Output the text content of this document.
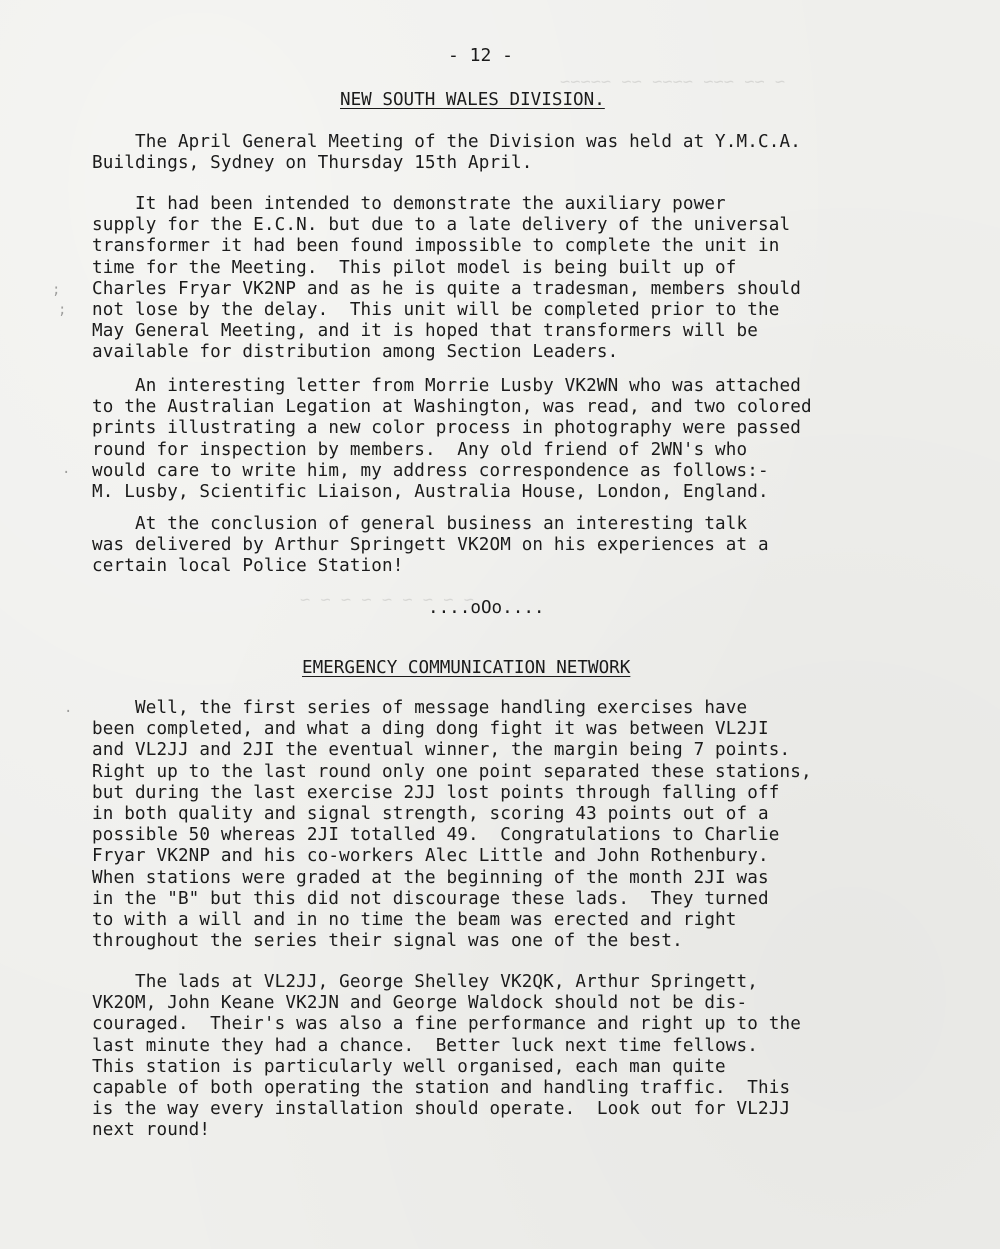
~ ~~ ~~~ ~~~~ ~~ ~~~~~
~ ~ ~ ~ ~ ~ ~ ~ ~
- 12 -
NEW SOUTH WALES DIVISION.
The April General Meeting of the Division was held at Y.M.C.A.
Buildings, Sydney on Thursday 15th April.
It had been intended to demonstrate the auxiliary power
supply for the E.C.N. but due to a late delivery of the universal
transformer it had been found impossible to complete the unit in
time for the Meeting.  This pilot model is being built up of
Charles Fryar VK2NP and as he is quite a tradesman, members should
not lose by the delay.  This unit will be completed prior to the
May General Meeting, and it is hoped that transformers will be
available for distribution among Section Leaders.
An interesting letter from Morrie Lusby VK2WN who was attached
to the Australian Legation at Washington, was read, and two colored
prints illustrating a new color process in photography were passed
round for inspection by members.  Any old friend of 2WN's who
would care to write him, my address correspondence as follows:-
M. Lusby, Scientific Liaison, Australia House, London, England.
At the conclusion of general business an interesting talk
was delivered by Arthur Springett VK2OM on his experiences at a
certain local Police Station!
....oOo....
EMERGENCY COMMUNICATION NETWORK
Well, the first series of message handling exercises have
been completed, and what a ding dong fight it was between VL2JI
and VL2JJ and 2JI the eventual winner, the margin being 7 points.
Right up to the last round only one point separated these stations,
but during the last exercise 2JJ lost points through falling off
in both quality and signal strength, scoring 43 points out of a
possible 50 whereas 2JI totalled 49.  Congratulations to Charlie
Fryar VK2NP and his co-workers Alec Little and John Rothenbury.
When stations were graded at the beginning of the month 2JI was
in the "B" but this did not discourage these lads.  They turned
to with a will and in no time the beam was erected and right
throughout the series their signal was one of the best.
The lads at VL2JJ, George Shelley VK2QK, Arthur Springett,
VK2OM, John Keane VK2JN and George Waldock should not be dis-
couraged.  Their's was also a fine performance and right up to the
last minute they had a chance.  Better luck next time fellows.
This station is particularly well organised, each man quite
capable of both operating the station and handling traffic.  This
is the way every installation should operate.  Look out for VL2JJ
next round!
;
;
·
.
